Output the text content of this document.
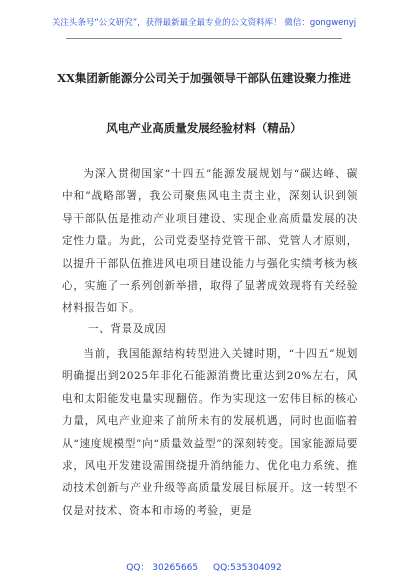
关注头条号“公文研究”，获得最新最全最专业的公文资料库！ 微信：gongwenyj
XX集团新能源分公司关于加强领导干部队伍建设聚力推进
风电产业高质量发展经验材料（精品）
为深入贯彻国家“十四五”能源发展规划与“碳达峰、碳中和”战略部署，我公司聚焦风电主责主业，深刻认识到领导干部队伍是推动产业项目建设、实现企业高质量发展的决定性力量。为此，公司党委坚持党管干部、党管人才原则，以提升干部队伍推进风电项目建设能力与强化实绩考核为核心，实施了一系列创新举措，取得了显著成效现将有关经验材料报告如下。
一、背景及成因
当前，我国能源结构转型进入关键时期，“十四五”规划明确提出到2025年非化石能源消费比重达到20%左右，风电和太阳能发电量实现翻倍。作为实现这一宏伟目标的核心力量，风电产业迎来了前所未有的发展机遇，同时也面临着从“速度规模型”向“质量效益型”的深刻转变。国家能源局要求，风电开发建设需围绕提升消纳能力、优化电力系统、推动技术创新与产业升级等高质量发展目标展开。这一转型不仅是对技术、资本和市场的考验，更是
QQ： 30265665 QQ:535304092
